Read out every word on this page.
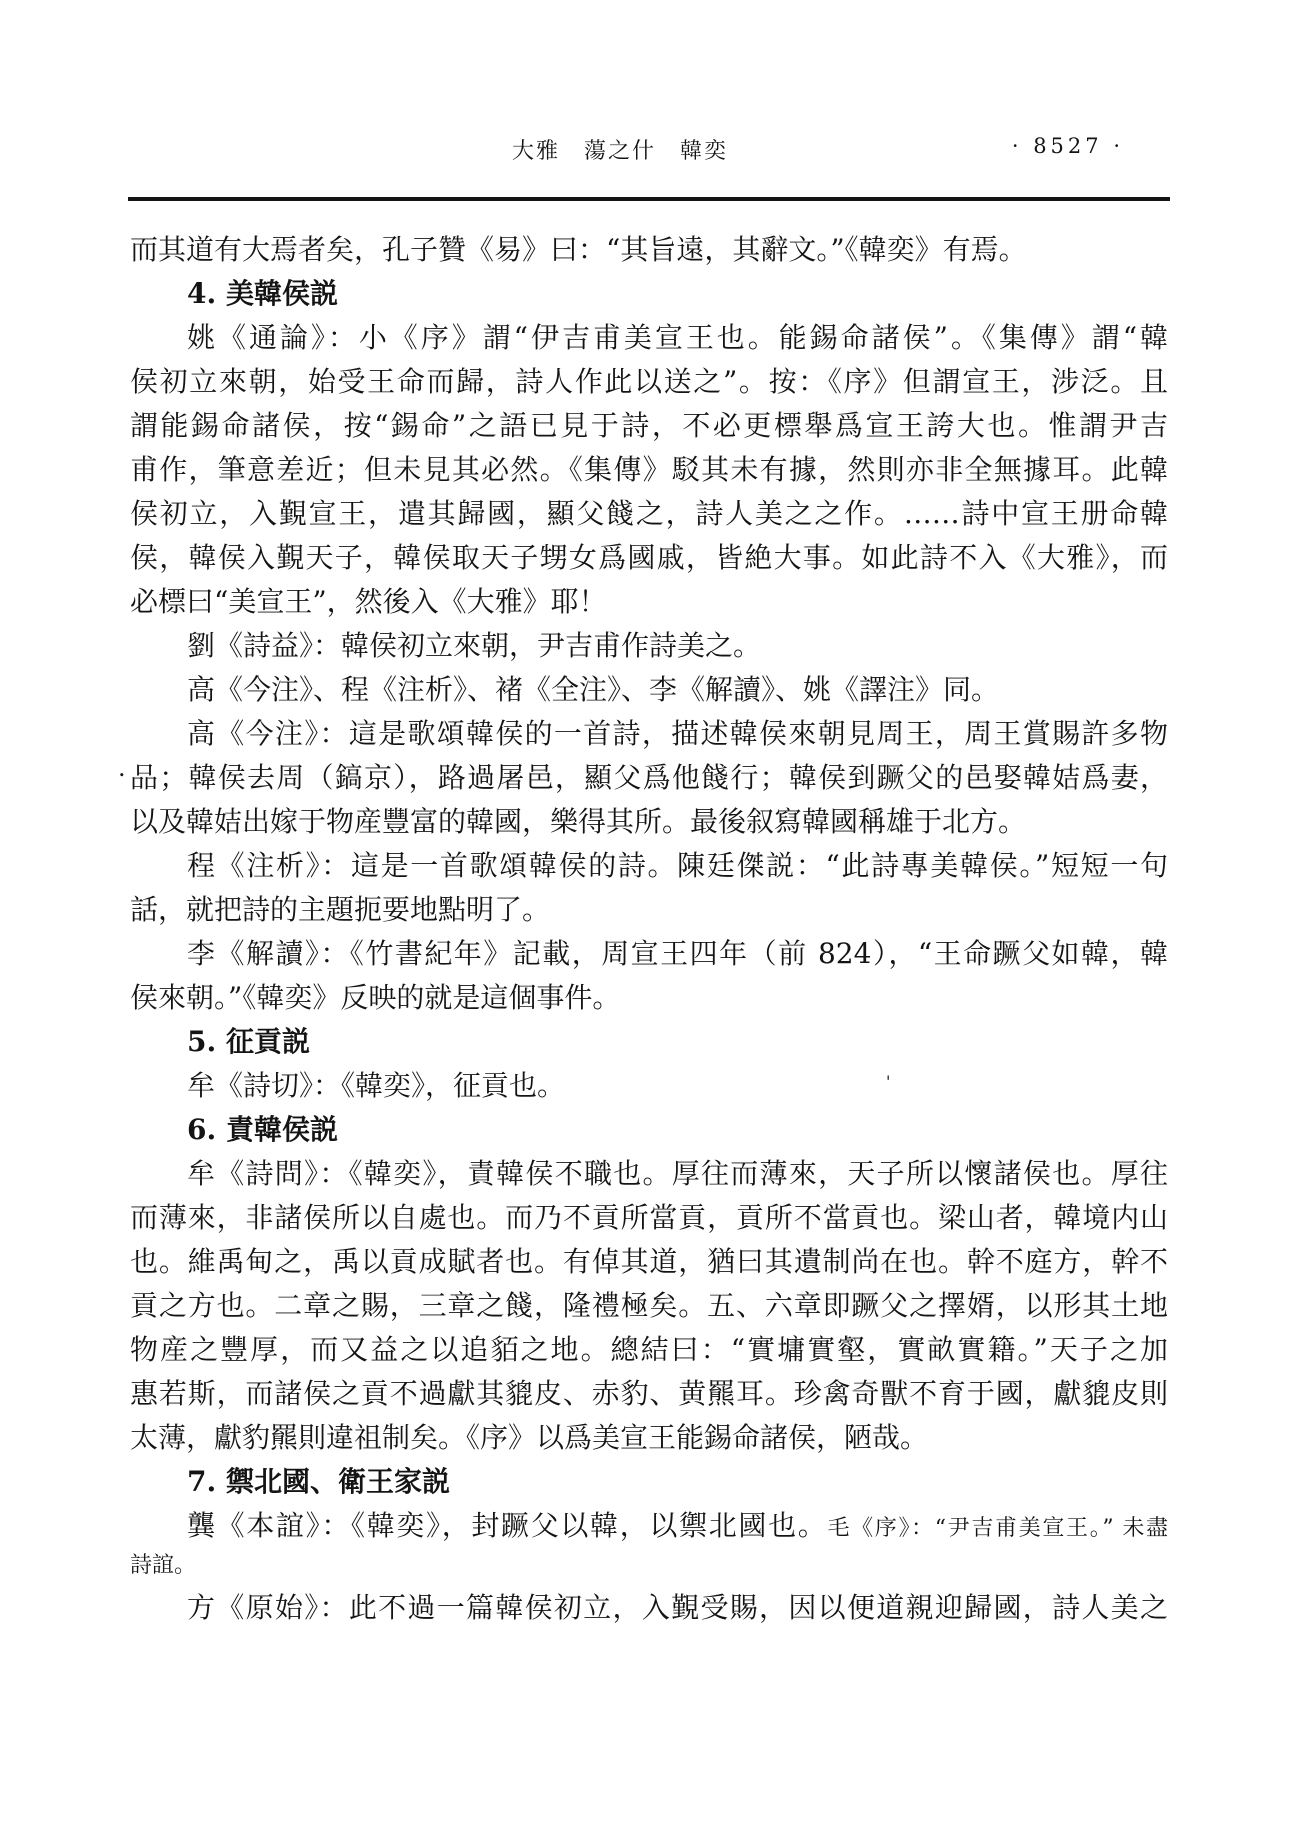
大雅　蕩之什　韓奕	· 8527 ·
而其道有大焉者矣，孔子贊《易》曰：“其旨遠，其辭文。”《韓奕》有焉。
4. 美韓侯説
姚《通論》：小《序》謂“伊吉甫美宣王也。能錫命諸侯”。《集傳》謂“韓
侯初立來朝，始受王命而歸，詩人作此以送之”。按：《序》但謂宣王，涉泛。且
謂能錫命諸侯，按“錫命”之語已見于詩，不必更標舉爲宣王誇大也。惟謂尹吉
甫作，筆意差近；但未見其必然。《集傳》駁其未有據，然則亦非全無據耳。此韓
侯初立，入覲宣王，遣其歸國，顯父餞之，詩人美之之作。……詩中宣王册命韓
侯，韓侯入覲天子，韓侯取天子甥女爲國戚，皆絶大事。如此詩不入《大雅》，而
必標曰“美宣王”，然後入《大雅》耶！
劉《詩益》：韓侯初立來朝，尹吉甫作詩美之。
高《今注》、程《注析》、褚《全注》、李《解讀》、姚《譯注》同。
高《今注》：這是歌頌韓侯的一首詩，描述韓侯來朝見周王，周王賞賜許多物
品；韓侯去周（鎬京），路過屠邑，顯父爲他餞行；韓侯到蹶父的邑娶韓姞爲妻，
以及韓姞出嫁于物産豐富的韓國，樂得其所。最後叙寫韓國稱雄于北方。
程《注析》：這是一首歌頌韓侯的詩。陳廷傑説：“此詩專美韓侯。”短短一句
話，就把詩的主題扼要地點明了。
李《解讀》：《竹書紀年》記載，周宣王四年（前 824），“王命蹶父如韓，韓
侯來朝。”《韓奕》反映的就是這個事件。
5. 征貢説
牟《詩切》：《韓奕》，征貢也。
6. 責韓侯説
牟《詩問》：《韓奕》，責韓侯不職也。厚往而薄來，天子所以懷諸侯也。厚往
而薄來，非諸侯所以自處也。而乃不貢所當貢，貢所不當貢也。梁山者，韓境内山
也。維禹甸之，禹以貢成賦者也。有倬其道，猶曰其遺制尚在也。幹不庭方，幹不
貢之方也。二章之賜，三章之餞，隆禮極矣。五、六章即蹶父之擇婿，以形其土地
物産之豐厚，而又益之以追貊之地。總結曰：“實墉實壑，實畝實籍。”天子之加
惠若斯，而諸侯之貢不過獻其貔皮、赤豹、黄羆耳。珍禽奇獸不育于國，獻貔皮則
太薄，獻豹羆則違祖制矣。《序》以爲美宣王能錫命諸侯，陋哉。
7. 禦北國、衛王家説
龔《本誼》：《韓奕》，封蹶父以韓，以禦北國也。毛《序》：“尹吉甫美宣王。” 未盡
詩誼。
方《原始》：此不過一篇韓侯初立，入覲受賜，因以便道親迎歸國，詩人美之
.
'
